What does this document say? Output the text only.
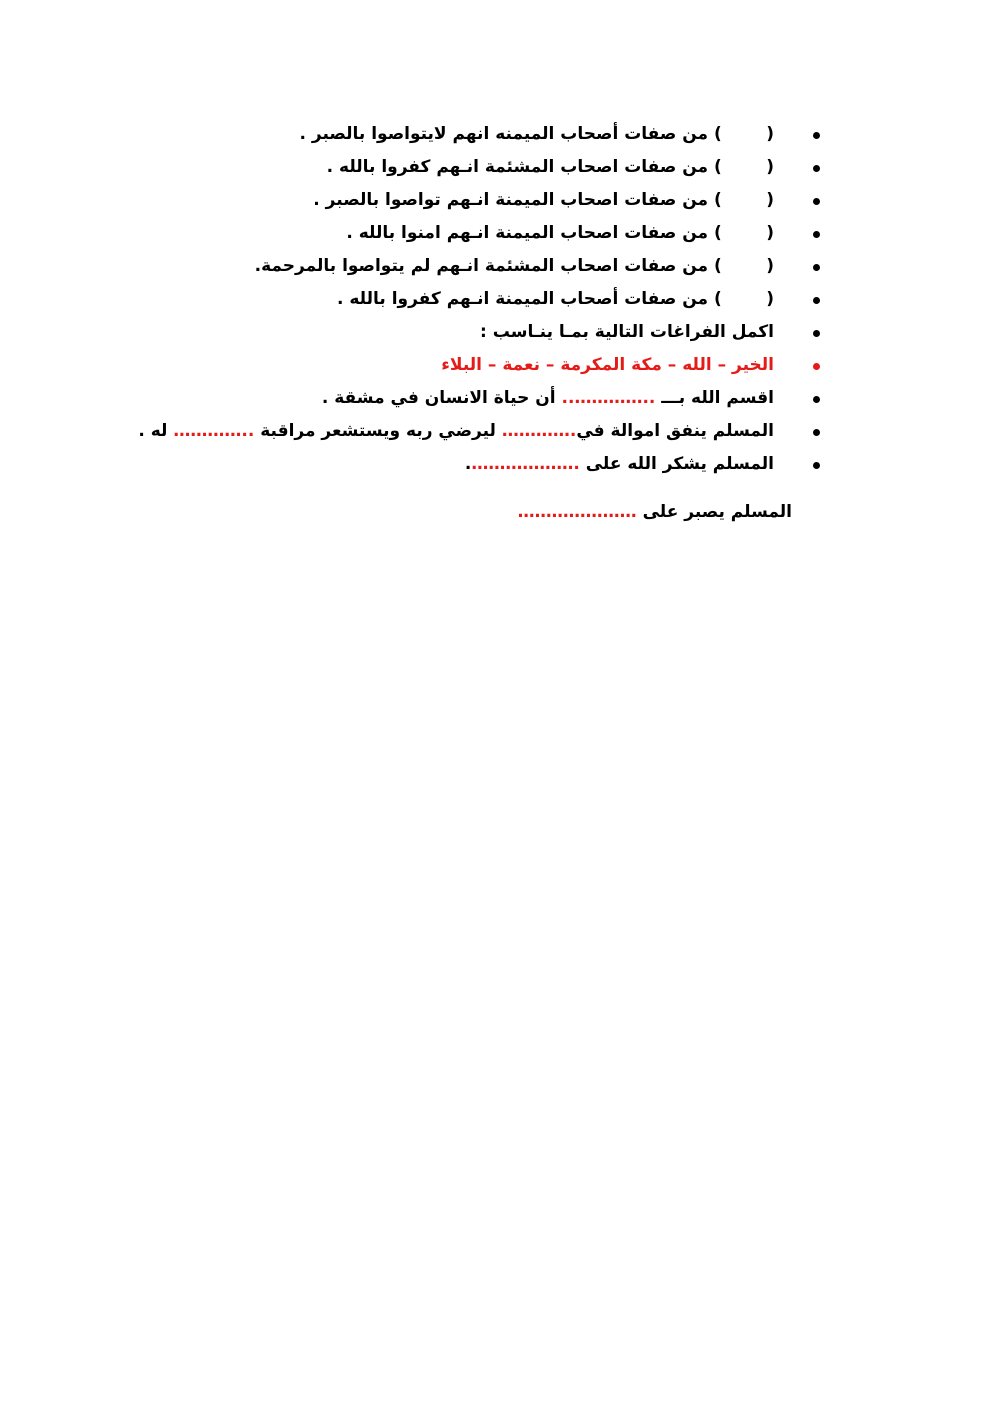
(
)
من صفات أصحاب الميمنه انهم لايتواصوا بالصبر .
(
)
من صفات اصحاب المشئمة انـهم كفروا بالله .
(
)
من صفات اصحاب الميمنة انـهم تواصوا بالصبر .
(
)
من صفات اصحاب الميمنة انـهم امنوا بالله .
(
)
من صفات اصحاب المشئمة انـهم لم يتواصوا بالمرحمة.
(
)
من صفات أصحاب الميمنة انـهم كفروا بالله .
اكمل الفراغات التالية بمـا ينـاسب :
الخير – الله – مكة المكرمة – نعمة – البلاء
اقسم الله بـــ ..………….. أن حياة الانسان في مشقة .
المسلم ينفق اموالة في.………… ليرضي ربه ويستشعر مراقبة ..………… له .
المسلم يشكر الله على .……………….
المسلم يصبر على …………………
